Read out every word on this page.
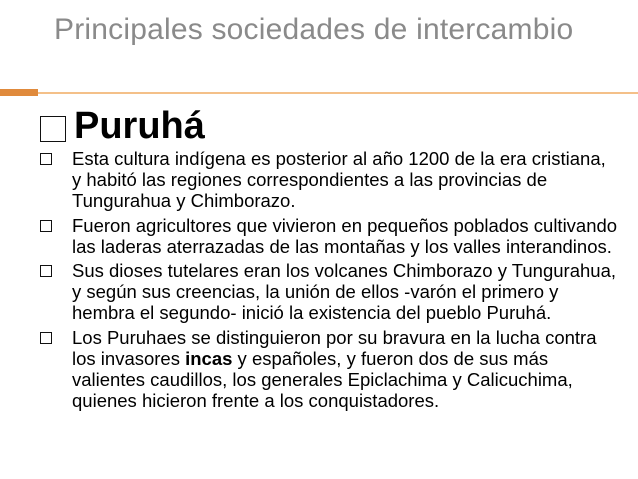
Principales sociedades de intercambio
Puruhá
Esta cultura indígena es posterior al año 1200 de la era cristiana, y habitó las regiones correspondientes a las provincias de Tungurahua y Chimborazo.
Fueron agricultores que vivieron en pequeños poblados cultivando las laderas aterrazadas de las montañas y los valles interandinos.
Sus dioses tutelares eran los volcanes Chimborazo y Tungurahua, y según sus creencias, la unión de ellos -varón el primero y hembra el segundo- inició la existencia del pueblo Puruhá.
Los Puruhaes se distinguieron por su bravura en la lucha contra los invasores incas y españoles, y fueron dos de sus más valientes caudillos, los generales Epiclachima y Calicuchima, quienes hicieron frente a los conquistadores.
